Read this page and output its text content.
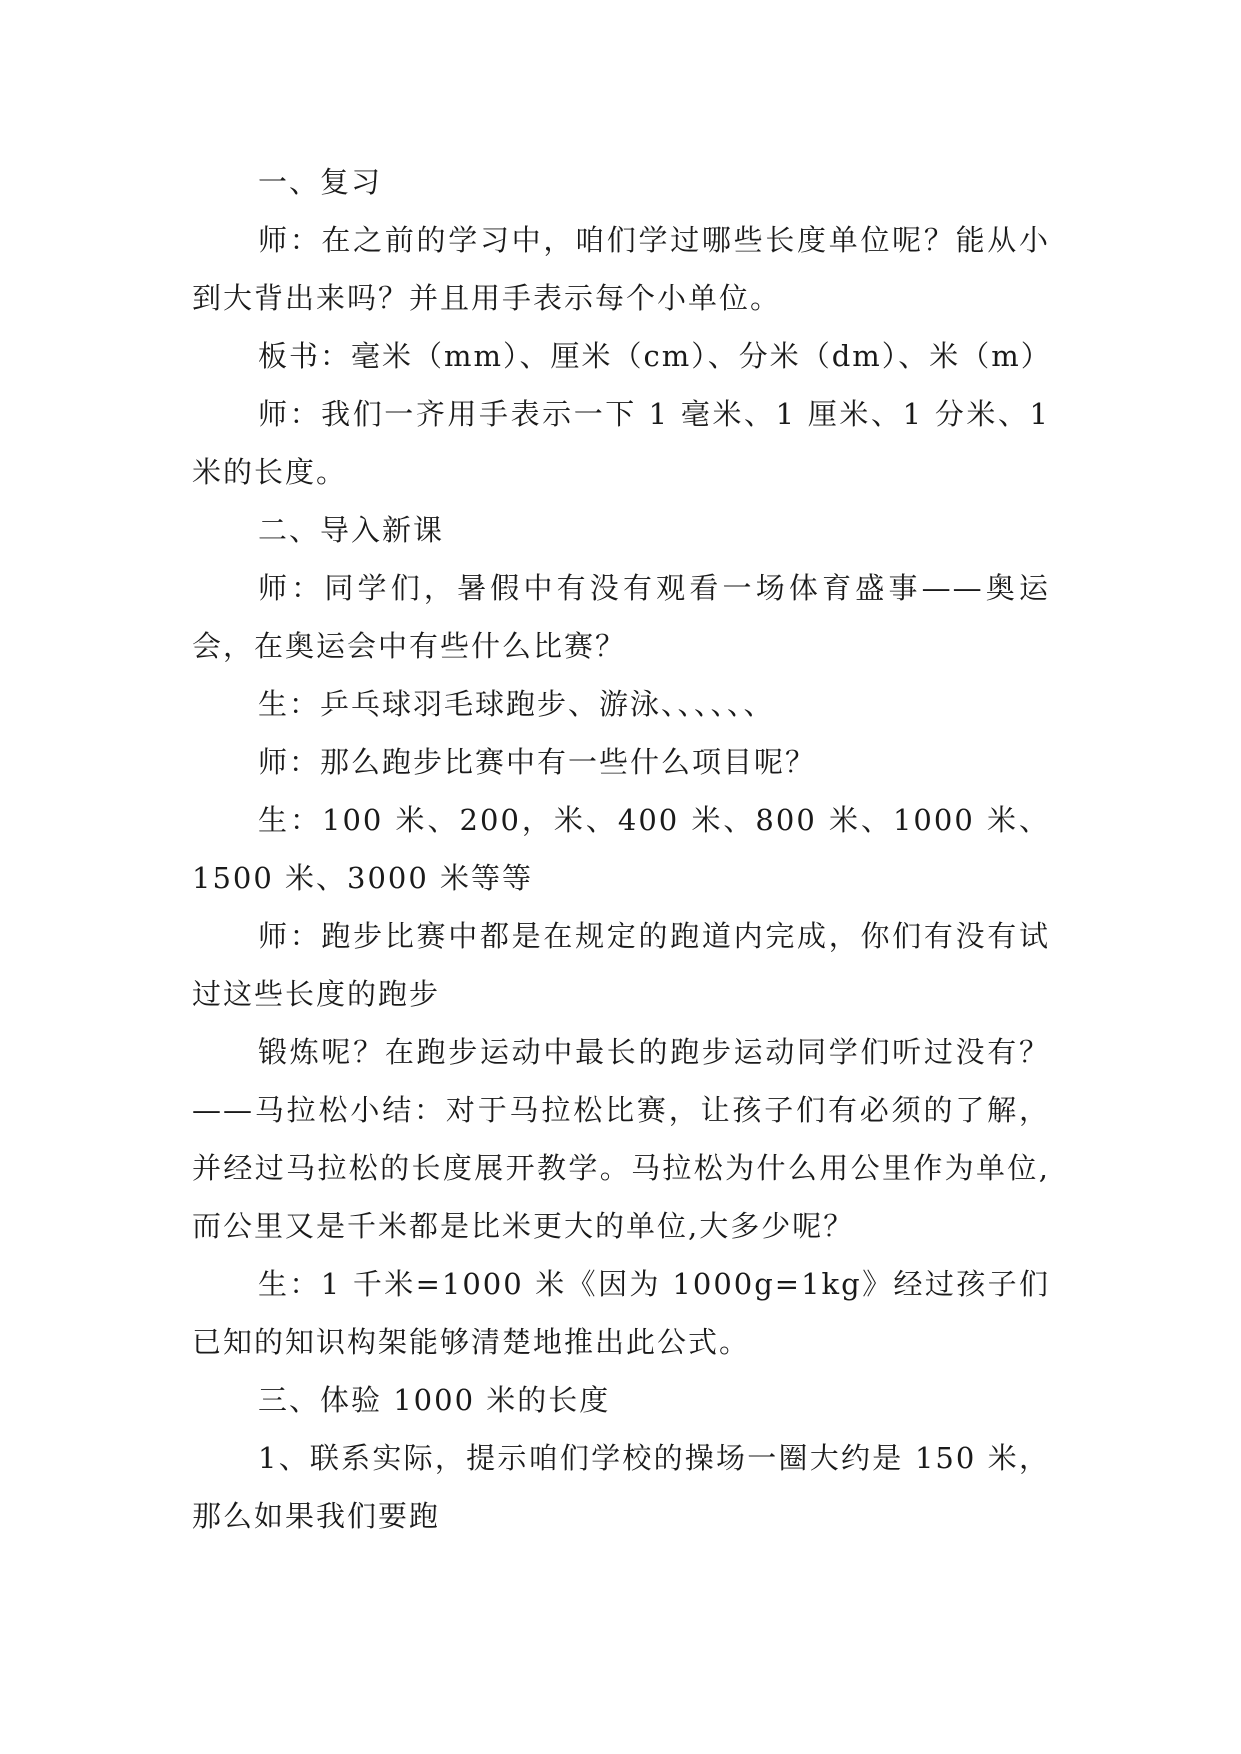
一、复习

师：在之前的学习中，咱们学过哪些长度单位呢？能从小到大背出来吗？并且用手表示每个小单位。

板书：毫米（mm）、厘米（cm）、分米（dm）、米（m）

师：我们一齐用手表示一下 1 毫米、1 厘米、1 分米、1 米的长度。

二、导入新课

师：同学们，暑假中有没有观看一场体育盛事——奥运会，在奥运会中有些什么比赛？

生：乒乓球羽毛球跑步、游泳、、、、、、

师：那么跑步比赛中有一些什么项目呢？

生：100 米、200，米、400 米、800 米、1000 米、1500 米、3000 米等等

师：跑步比赛中都是在规定的跑道内完成，你们有没有试过这些长度的跑步

锻炼呢？在跑步运动中最长的跑步运动同学们听过没有？——马拉松小结：对于马拉松比赛，让孩子们有必须的了解，并经过马拉松的长度展开教学。马拉松为什么用公里作为单位,而公里又是千米都是比米更大的单位,大多少呢？

生：1 千米=1000 米《因为 1000g=1kg》经过孩子们已知的知识构架能够清楚地推出此公式。

三、体验 1000 米的长度

1、联系实际，提示咱们学校的操场一圈大约是 150 米，那么如果我们要跑
